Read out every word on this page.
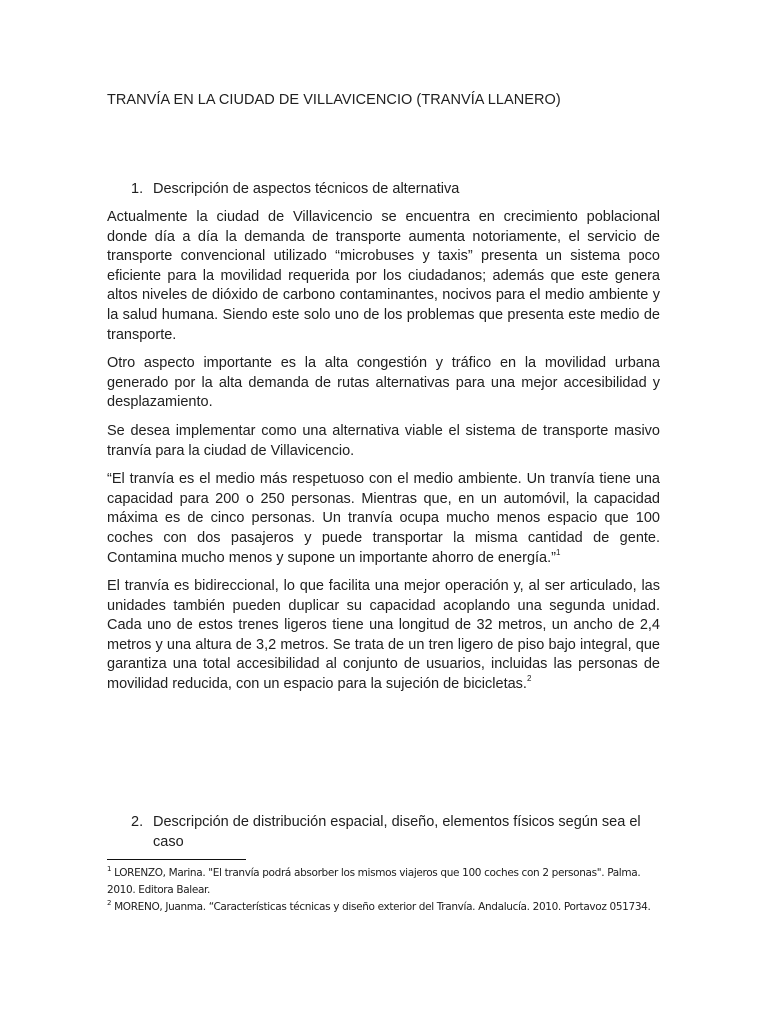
TRANVÍA EN LA CIUDAD DE VILLAVICENCIO (TRANVÍA LLANERO)
1. Descripción de aspectos técnicos de alternativa

Actualmente la ciudad de Villavicencio se encuentra en crecimiento poblacional donde día a día la demanda de transporte aumenta notoriamente, el servicio de transporte convencional utilizado “microbuses y taxis” presenta un sistema poco eficiente para la movilidad requerida por los ciudadanos; además que este genera altos niveles de dióxido de carbono contaminantes, nocivos para el medio ambiente y la salud humana. Siendo este solo uno de los problemas que presenta este medio de transporte.

Otro aspecto importante es la alta congestión y tráfico en la movilidad urbana generado por la alta demanda de rutas alternativas para una mejor accesibilidad y desplazamiento.

Se desea implementar como una alternativa viable el sistema de transporte masivo tranvía para la ciudad de Villavicencio.

“El tranvía es el medio más respetuoso con el medio ambiente. Un tranvía tiene una capacidad para 200 o 250 personas. Mientras que, en un automóvil, la capacidad máxima es de cinco personas. Un tranvía ocupa mucho menos espacio que 100 coches con dos pasajeros y puede transportar la misma cantidad de gente. Contamina mucho menos y supone un importante ahorro de energía.”$^1$

El tranvía es bidireccional, lo que facilita una mejor operación y, al ser articulado, las unidades también pueden duplicar su capacidad acoplando una segunda unidad. Cada uno de estos trenes ligeros tiene una longitud de 32 metros, un ancho de 2,4 metros y una altura de 3,2 metros. Se trata de un tren ligero de piso bajo integral, que garantiza una total accesibilidad al conjunto de usuarios, incluidas las personas de movilidad reducida, con un espacio para la sujeción de bicicletas.$^2$

2. Descripción de distribución espacial, diseño, elementos físicos según sea el caso

$^1$ LORENZO, Marina. "El tranvía podrá absorber los mismos viajeros que 100 coches con 2 personas". Palma. 2010. Editora Balear.

$^2$ MORENO, Juanma. “Características técnicas y diseño exterior del Tranvía. Andalucía. 2010. Portavoz 051734.
